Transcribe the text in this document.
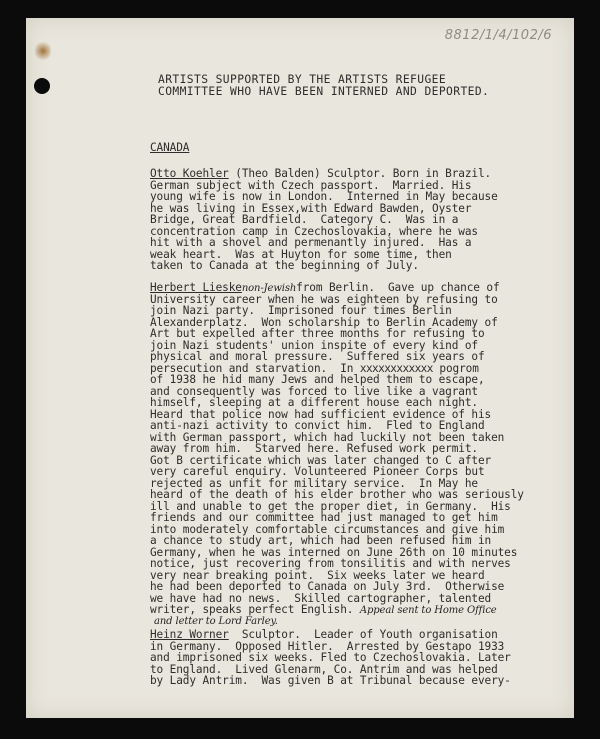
8812/1/4/102/6
ARTISTS SUPPORTED BY THE ARTISTS REFUGEE
COMMITTEE WHO HAVE BEEN INTERNED AND DEPORTED.
CANADA
Otto Koehler (Theo Balden) Sculptor. Born in Brazil.
German subject with Czech passport.  Married. His
young wife is now in London.  Interned in May because
he was living in Essex,with Edward Bawden, Oyster
Bridge, Great Bardfield.  Category C.  Was in a
concentration camp in Czechoslovakia, where he was
hit with a shovel and permenantly injured.  Has a
weak heart.  Was at Huyton for some time, then
taken to Canada at the beginning of July.
Herbert Lieskenon-Jewishfrom Berlin.  Gave up chance of
University career when he was eighteen by refusing to
join Nazi party.  Imprisoned four times Berlin
Alexanderplatz.  Won scholarship to Berlin Academy of
Art but expelled after three months for refusing to
join Nazi students' union inspite of every kind of
physical and moral pressure.  Suffered six years of
persecution and starvation.  In xxxxxxxxxxxx pogrom
of 1938 he hid many Jews and helped them to escape,
and consequently was forced to live like a vagrant
himself, sleeping at a different house each night.
Heard that police now had sufficient evidence of his
anti-nazi activity to convict him.  Fled to England
with German passport, which had luckily not been taken
away from him.  Starved here. Refused work permit.
Got B certificate which was later changed to C after
very careful enquiry. Volunteered Pioneer Corps but
rejected as unfit for military service.  In May he
heard of the death of his elder brother who was seriously
ill and unable to get the proper diet, in Germany.  His
friends and our committee had just managed to get him
into moderately comfortable circumstances and give him
a chance to study art, which had been refused him in
Germany, when he was interned on June 26th on 10 minutes
notice, just recovering from tonsilitis and with nerves
very near breaking point.  Six weeks later we heard
he had been deported to Canada on July 3rd.  Otherwise
we have had no news.  Skilled cartographer, talented
writer, speaks perfect English. Appeal sent to Home Office
and letter to Lord Farley.
Heinz Worner  Sculptor.  Leader of Youth organisation
in Germany.  Opposed Hitler.  Arrested by Gestapo 1933
and imprisoned six weeks. Fled to Czechoslovakia. Later
to England.  Lived Glenarm, Co. Antrim and was helped
by Lady Antrim.  Was given B at Tribunal because every-
